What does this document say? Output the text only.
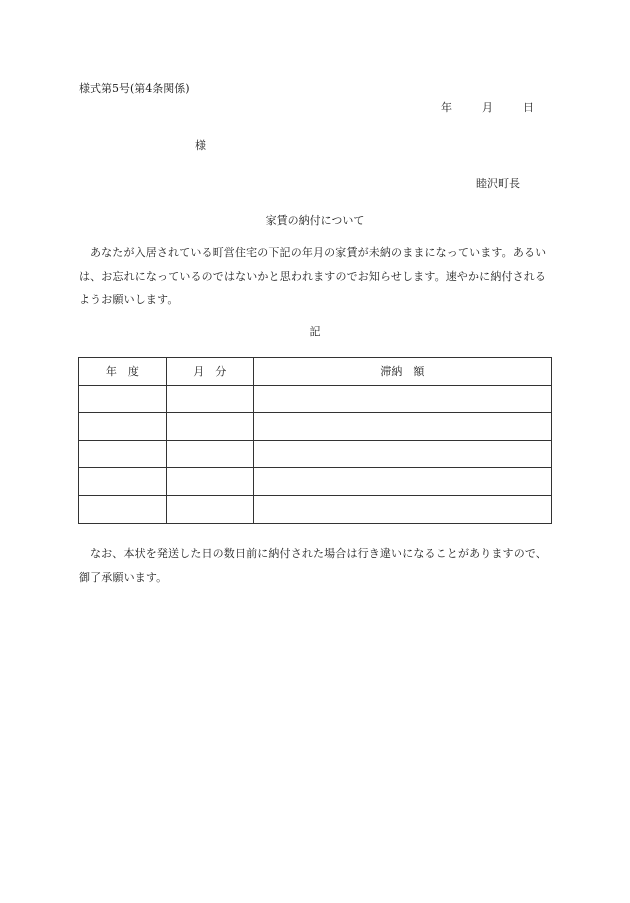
様式第5号(第4条関係)
年	月	日
様
睦沢町長
家賃の納付について
あなたが入居されている町営住宅の下記の年月の家賃が未納のままになっています。あるいは、お忘れになっているのではないかと思われますのでお知らせします。速やかに納付されるようお願いします。
記
年　度	月　分	滞納　額

なお、本状を発送した日の数日前に納付された場合は行き違いになることがありますので、御了承願います。
